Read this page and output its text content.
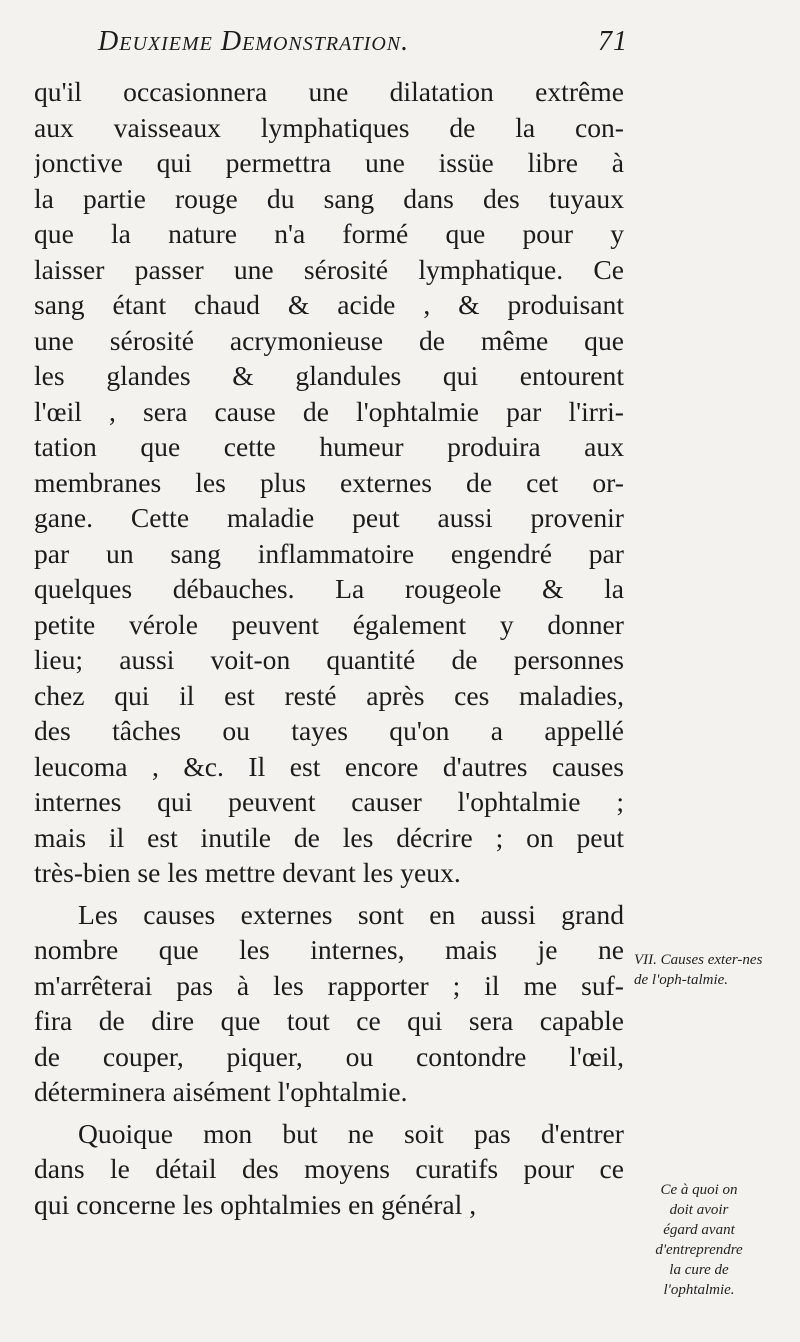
Deuxieme Demonstration.	71
qu'il occasionnera une dilatation extrême
aux vaisseaux lymphatiques de la con-
jonctive qui permettra une issüe libre à
la partie rouge du sang dans des tuyaux
que la nature n'a formé que pour y
laisser passer une sérosité lymphatique. Ce
sang étant chaud & acide , & produisant
une sérosité acrymonieuse de même que
les glandes & glandules qui entourent
l'œil , sera cause de l'ophtalmie par l'irri-
tation que cette humeur produira aux
membranes les plus externes de cet or-
gane. Cette maladie peut aussi provenir
par un sang inflammatoire engendré par
quelques débauches. La rougeole & la
petite vérole peuvent également y donner
lieu; aussi voit-on quantité de personnes
chez qui il est resté après ces maladies,
des tâches ou tayes qu'on a appellé
leucoma , &c. Il est encore d'autres causes
internes qui peuvent causer l'ophtalmie ;
mais il est inutile de les décrire ; on peut
très-bien se les mettre devant les yeux.
Les causes externes sont en aussi grand
nombre que les internes, mais je ne
m'arrêterai pas à les rapporter ; il me suf-
fira de dire que tout ce qui sera capable
de couper, piquer, ou contondre l'œil,
déterminera aisément l'ophtalmie.
Quoique mon but ne soit pas d'entrer
dans le détail des moyens curatifs pour ce
qui concerne les ophtalmies en général ,
VII. Causes exter-nes de l'oph-talmie.
Ce à quoi on
doit avoir
égard avant
d'entreprendre
la cure de
l'ophtalmie.
